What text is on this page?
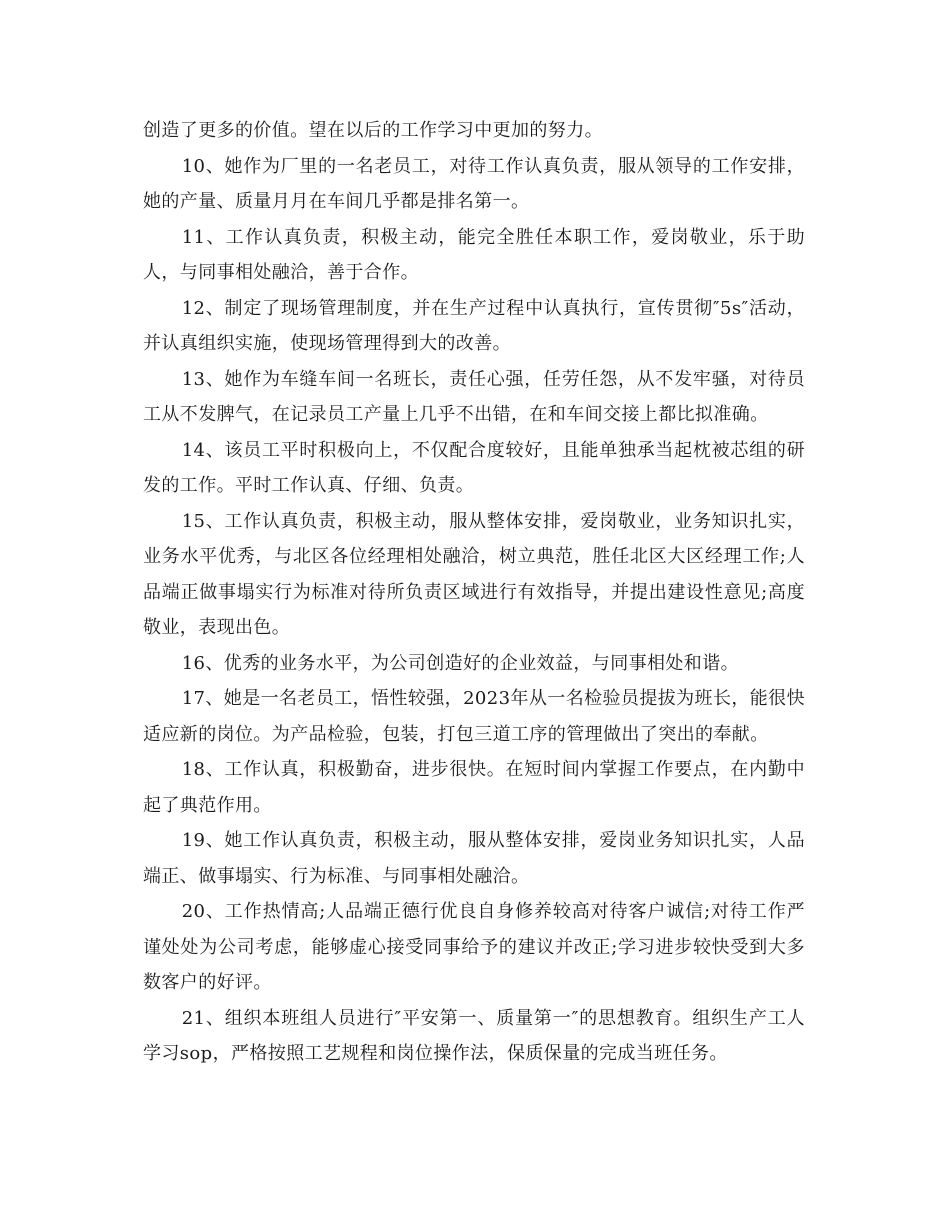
创造了更多的价值。望在以后的工作学习中更加的努力。

10、她作为厂里的一名老员工，对待工作认真负责，服从领导的工作安排，她的产量、质量月月在车间几乎都是排名第一。

11、工作认真负责，积极主动，能完全胜任本职工作，爱岗敬业，乐于助人，与同事相处融洽，善于合作。

12、制定了现场管理制度，并在生产过程中认真执行，宣传贯彻″5s″活动，并认真组织实施，使现场管理得到大的改善。

13、她作为车缝车间一名班长，责任心强，任劳任怨，从不发牢骚，对待员工从不发脾气，在记录员工产量上几乎不出错，在和车间交接上都比拟准确。

14、该员工平时积极向上，不仅配合度较好，且能单独承当起枕被芯组的研发的工作。平时工作认真、仔细、负责。

15、工作认真负责，积极主动，服从整体安排，爱岗敬业，业务知识扎实，业务水平优秀，与北区各位经理相处融洽，树立典范，胜任北区大区经理工作;人品端正做事塌实行为标准对待所负责区域进行有效指导，并提出建设性意见;高度敬业，表现出色。

16、优秀的业务水平，为公司创造好的企业效益，与同事相处和谐。

17、她是一名老员工，悟性较强，2023年从一名检验员提拔为班长，能很快适应新的岗位。为产品检验，包装，打包三道工序的管理做出了突出的奉献。

18、工作认真，积极勤奋，进步很快。在短时间内掌握工作要点，在内勤中起了典范作用。

19、她工作认真负责，积极主动，服从整体安排，爱岗业务知识扎实，人品端正、做事塌实、行为标准、与同事相处融洽。

20、工作热情高;人品端正德行优良自身修养较高对待客户诚信;对待工作严谨处处为公司考虑，能够虚心接受同事给予的建议并改正;学习进步较快受到大多数客户的好评。

21、组织本班组人员进行″平安第一、质量第一″的思想教育。组织生产工人学习sop，严格按照工艺规程和岗位操作法，保质保量的完成当班任务。
